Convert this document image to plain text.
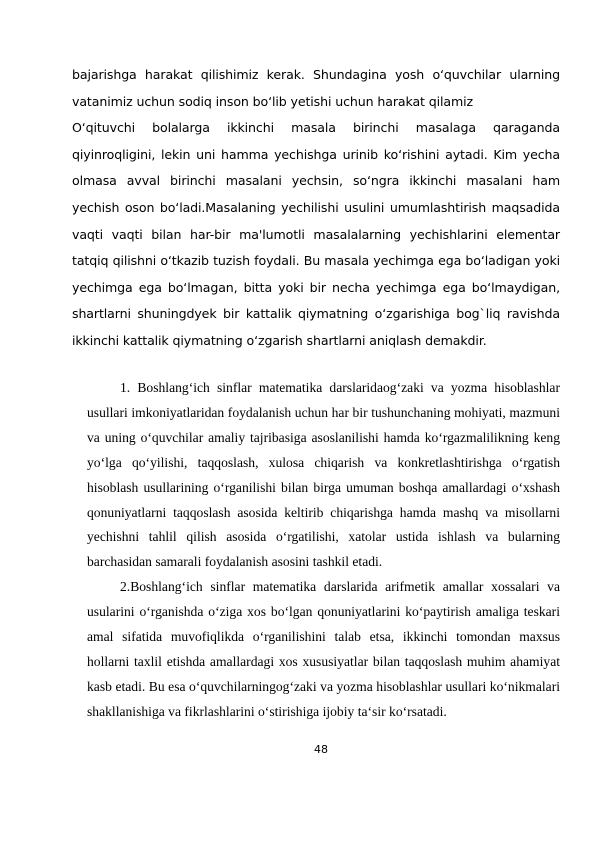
bajarishga harakat qilishimiz kerak. Shundagina yosh o‘quvchilar ularning vatanimiz uchun sodiq inson bo‘lib yetishi uchun harakat qilamiz

O‘qituvchi bolalarga ikkinchi masala birinchi masalaga qaraganda qiyinroqligini, lekin uni hamma yechishga urinib ko‘rishini aytadi. Kim yecha olmasa avval birinchi masalani yechsin, so‘ngra ikkinchi masalani ham yechish oson bo‘ladi.Masalaning yechilishi usulini umumlashtirish maqsadida vaqti vaqti bilan har-bir ma'lumotli masalalarning yechishlarini elementar tatqiq qilishni o‘tkazib tuzish foydali. Bu masala yechimga ega bo‘ladigan yoki yechimga ega bo‘lmagan, bitta yoki bir necha yechimga ega bo‘lmaydigan, shartlarni shuningdyek bir kattalik qiymatning o‘zgarishiga bog`liq ravishda ikkinchi kattalik qiymatning o‘zgarish shartlarni aniqlash demakdir.

1. Boshlang‘ich sinflar matematika darslaridaog‘zaki va yozma hisoblashlar usullari imkoniyatlaridan foydalanish uchun har bir tushunchaning mohiyati, mazmuni va uning o‘quvchilar amaliy tajribasiga asoslanilishi hamda ko‘rgazmalilikning keng yo‘lga qo‘yilishi, taqqoslash, xulosa chiqarish va konkretlashtirishga o‘rgatish hisoblash usullarining o‘rganilishi bilan birga umuman boshqa amallardagi o‘xshash qonuniyatlarni taqqoslash asosida keltirib chiqarishga hamda mashq va misollarni yechishni tahlil qilish asosida o‘rgatilishi, xatolar ustida ishlash va bularning barchasidan samarali foydalanish asosini tashkil etadi.

2.Boshlang‘ich sinflar matematika darslarida arifmetik amallar xossalari va usularini o‘rganishda o‘ziga xos bo‘lgan qonuniyatlarini ko‘paytirish amaliga teskari amal sifatida muvofiqlikda o‘rganilishini talab etsa, ikkinchi tomondan maxsus hollarni taxlil etishda amallardagi xos xususiyatlar bilan taqqoslash muhim ahamiyat kasb etadi. Bu esa o‘quvchilarningog‘zaki va yozma hisoblashlar usullari ko‘nikmalari shakllanishiga va fikrlashlarini o‘stirishiga ijobiy ta‘sir ko‘rsatadi.

48
